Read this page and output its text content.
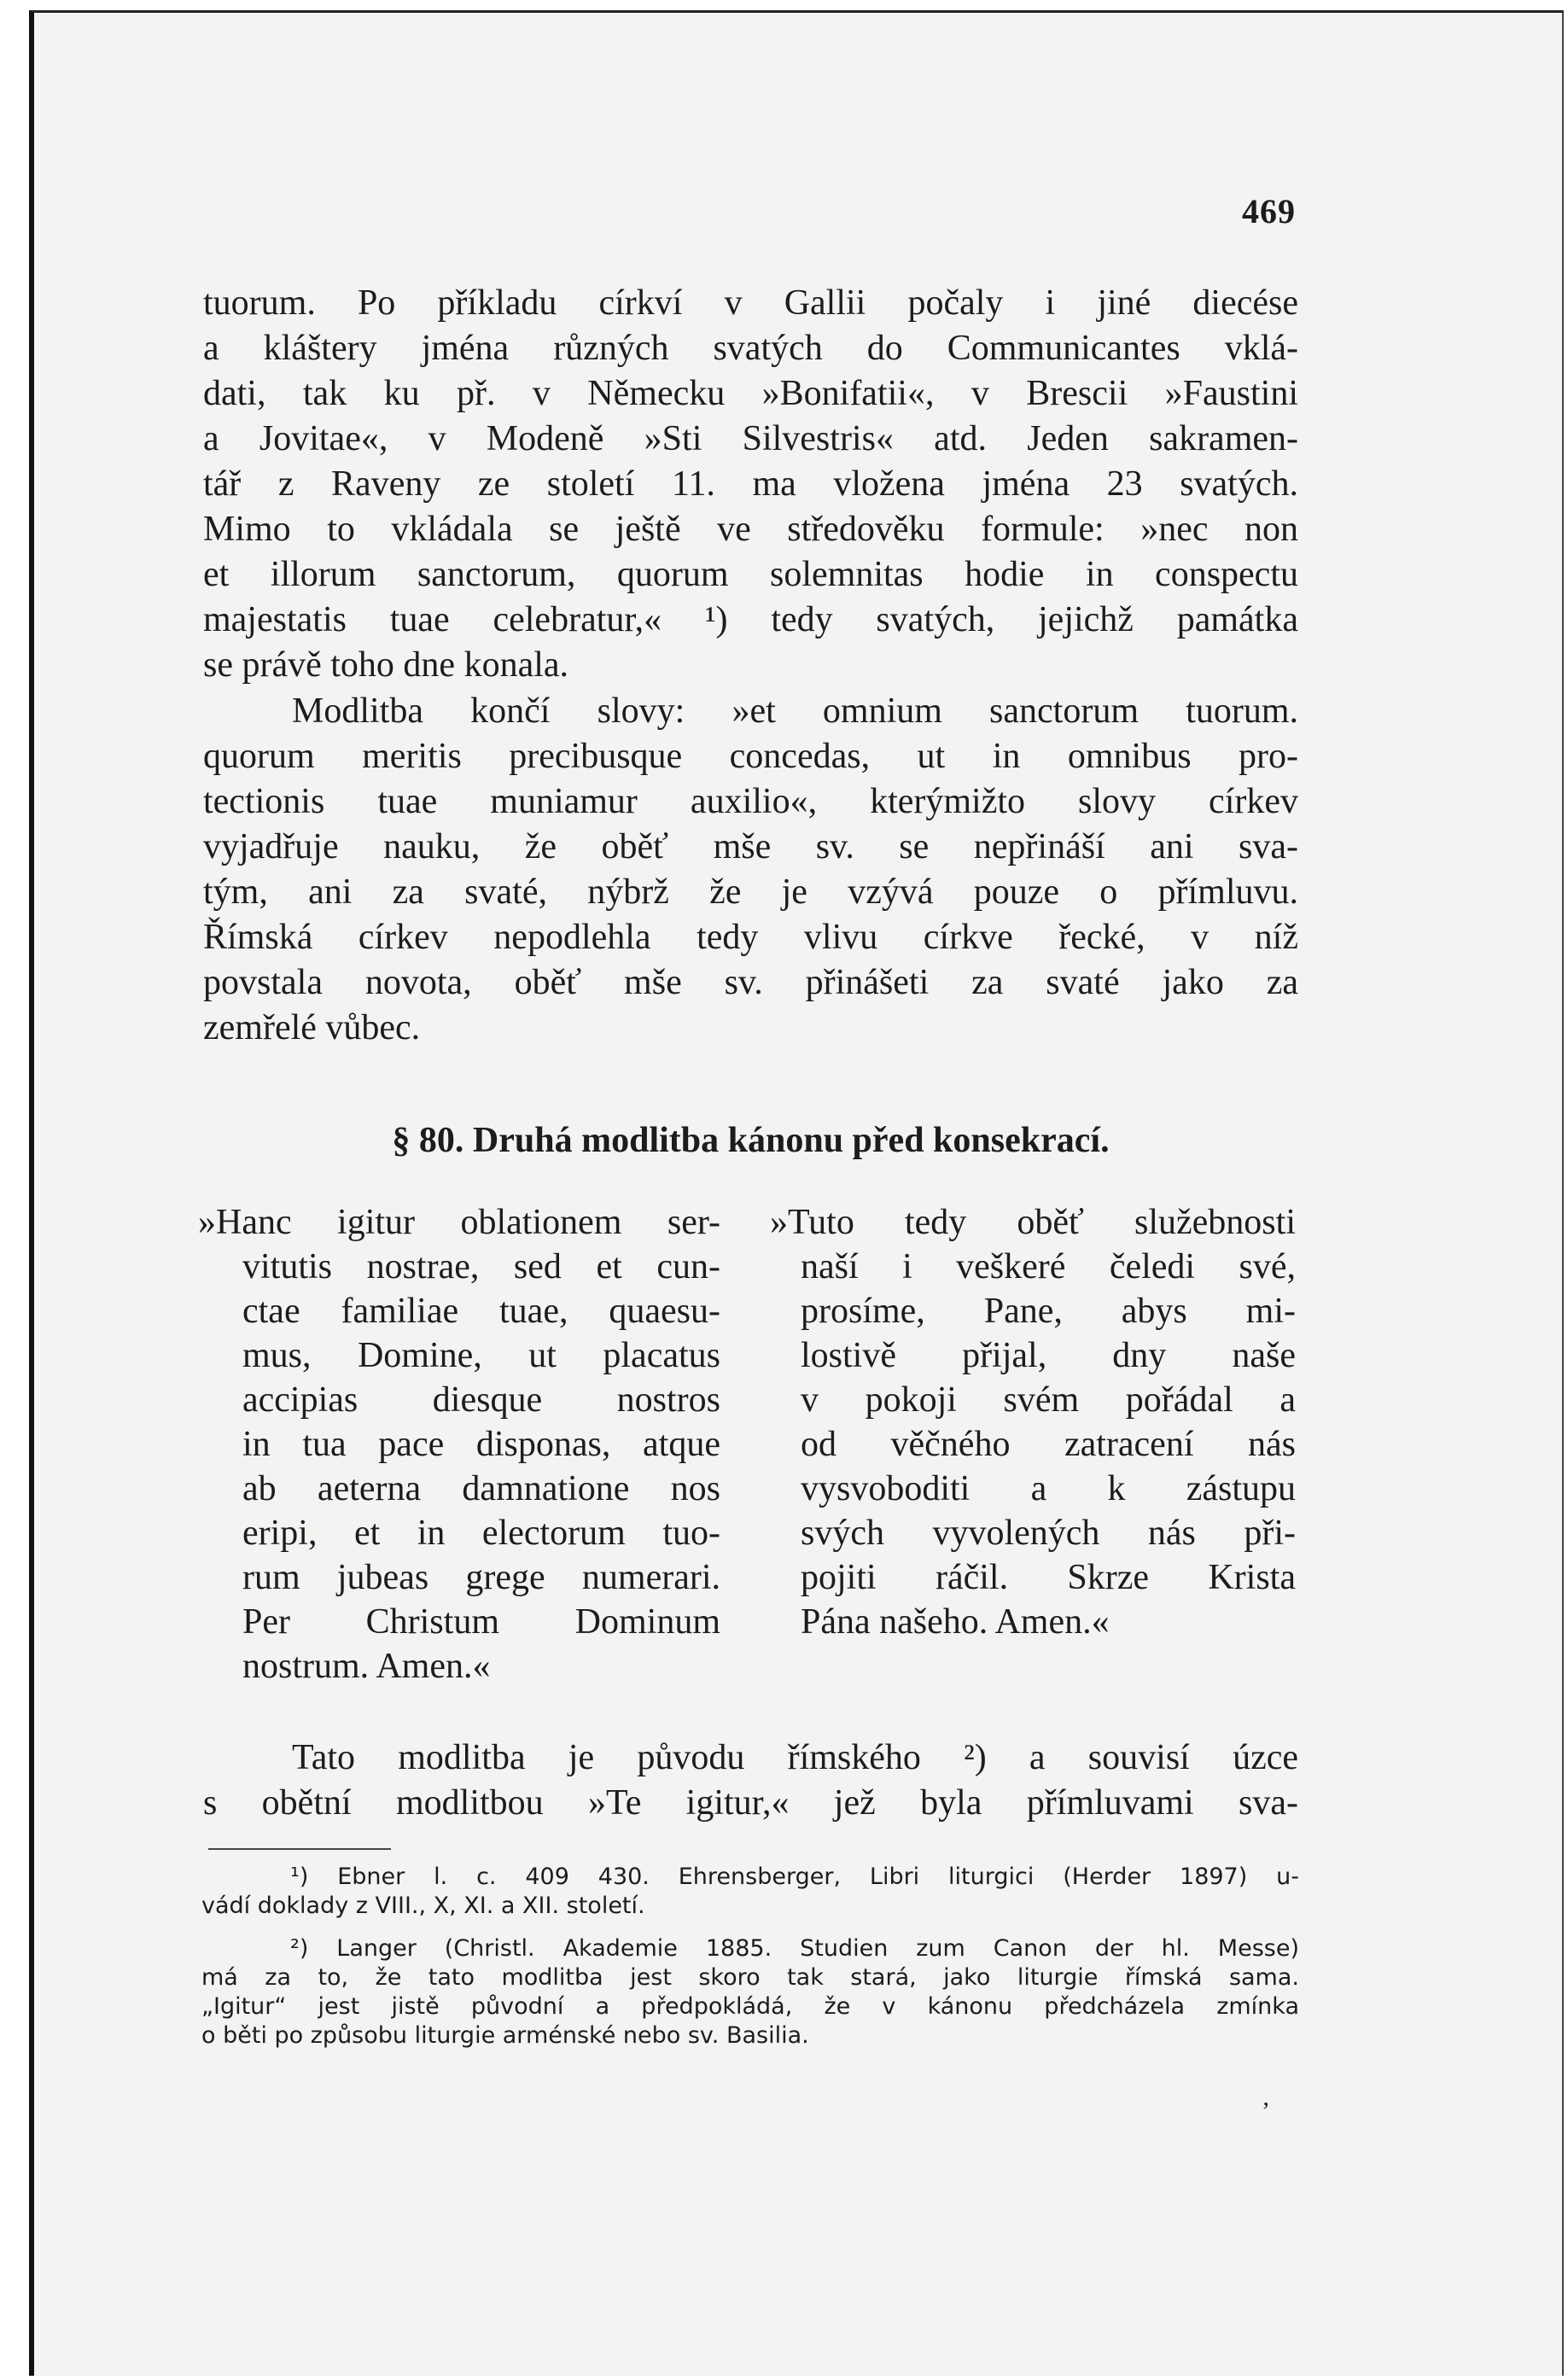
469
tuorum. Po příkladu církví v Gallii počaly i jiné diecése
a kláštery jména různých svatých do Communicantes vklá-
dati, tak ku př. v Německu »Bonifatii«, v Brescii »Faustini
a Jovitae«, v Modeně »Sti Silvestris« atd. Jeden sakramen-
tář z Raveny ze století 11. ma vložena jména 23 svatých.
Mimo to vkládala se ještě ve středověku formule: »nec non
et illorum sanctorum, quorum solemnitas hodie in conspectu
majestatis tuae celebratur,« ¹) tedy svatých, jejichž památka
se právě toho dne konala.
Modlitba končí slovy: »et omnium sanctorum tuorum.
quorum meritis precibusque concedas, ut in omnibus pro-
tectionis tuae muniamur auxilio«, kterýmižto slovy církev
vyjadřuje nauku, že oběť mše sv. se nepřináší ani sva-
tým, ani za svaté, nýbrž že je vzývá pouze o přímluvu.
Římská církev nepodlehla tedy vlivu církve řecké, v níž
povstala novota, oběť mše sv. přinášeti za svaté jako za
zemřelé vůbec.
§ 80. Druhá modlitba kánonu před konsekrací.
»Hanc igitur oblationem ser-
vitutis nostrae, sed et cun-
ctae familiae tuae, quaesu-
mus, Domine, ut placatus
accipias diesque nostros
in tua pace disponas, atque
ab aeterna damnatione nos
eripi, et in electorum tuo-
rum jubeas grege numerari.
Per Christum Dominum
nostrum. Amen.«
»Tuto tedy oběť služebnosti
naší i veškeré čeledi své,
prosíme, Pane, abys mi-
lostivě přijal, dny naše
v pokoji svém pořádal a
od věčného zatracení nás
vysvoboditi a k zástupu
svých vyvolených nás při-
pojiti ráčil. Skrze Krista
Pána našeho. Amen.«
Tato modlitba je původu římského ²) a souvisí úzce
s obětní modlitbou »Te igitur,« jež byla přímluvami sva-
¹) Ebner l. c. 409 430. Ehrensberger, Libri liturgici (Herder 1897) u-
vádí doklady z VIII., X, XI. a XII. století.
²) Langer (Christl. Akademie 1885. Studien zum Canon der hl. Messe)
má za to, že tato modlitba jest skoro tak stará, jako liturgie římská sama.
„Igitur“ jest jistě původní a předpokládá, že v kánonu předcházela zmínka
o běti po způsobu liturgie arménské nebo sv. Basilia.
‚
